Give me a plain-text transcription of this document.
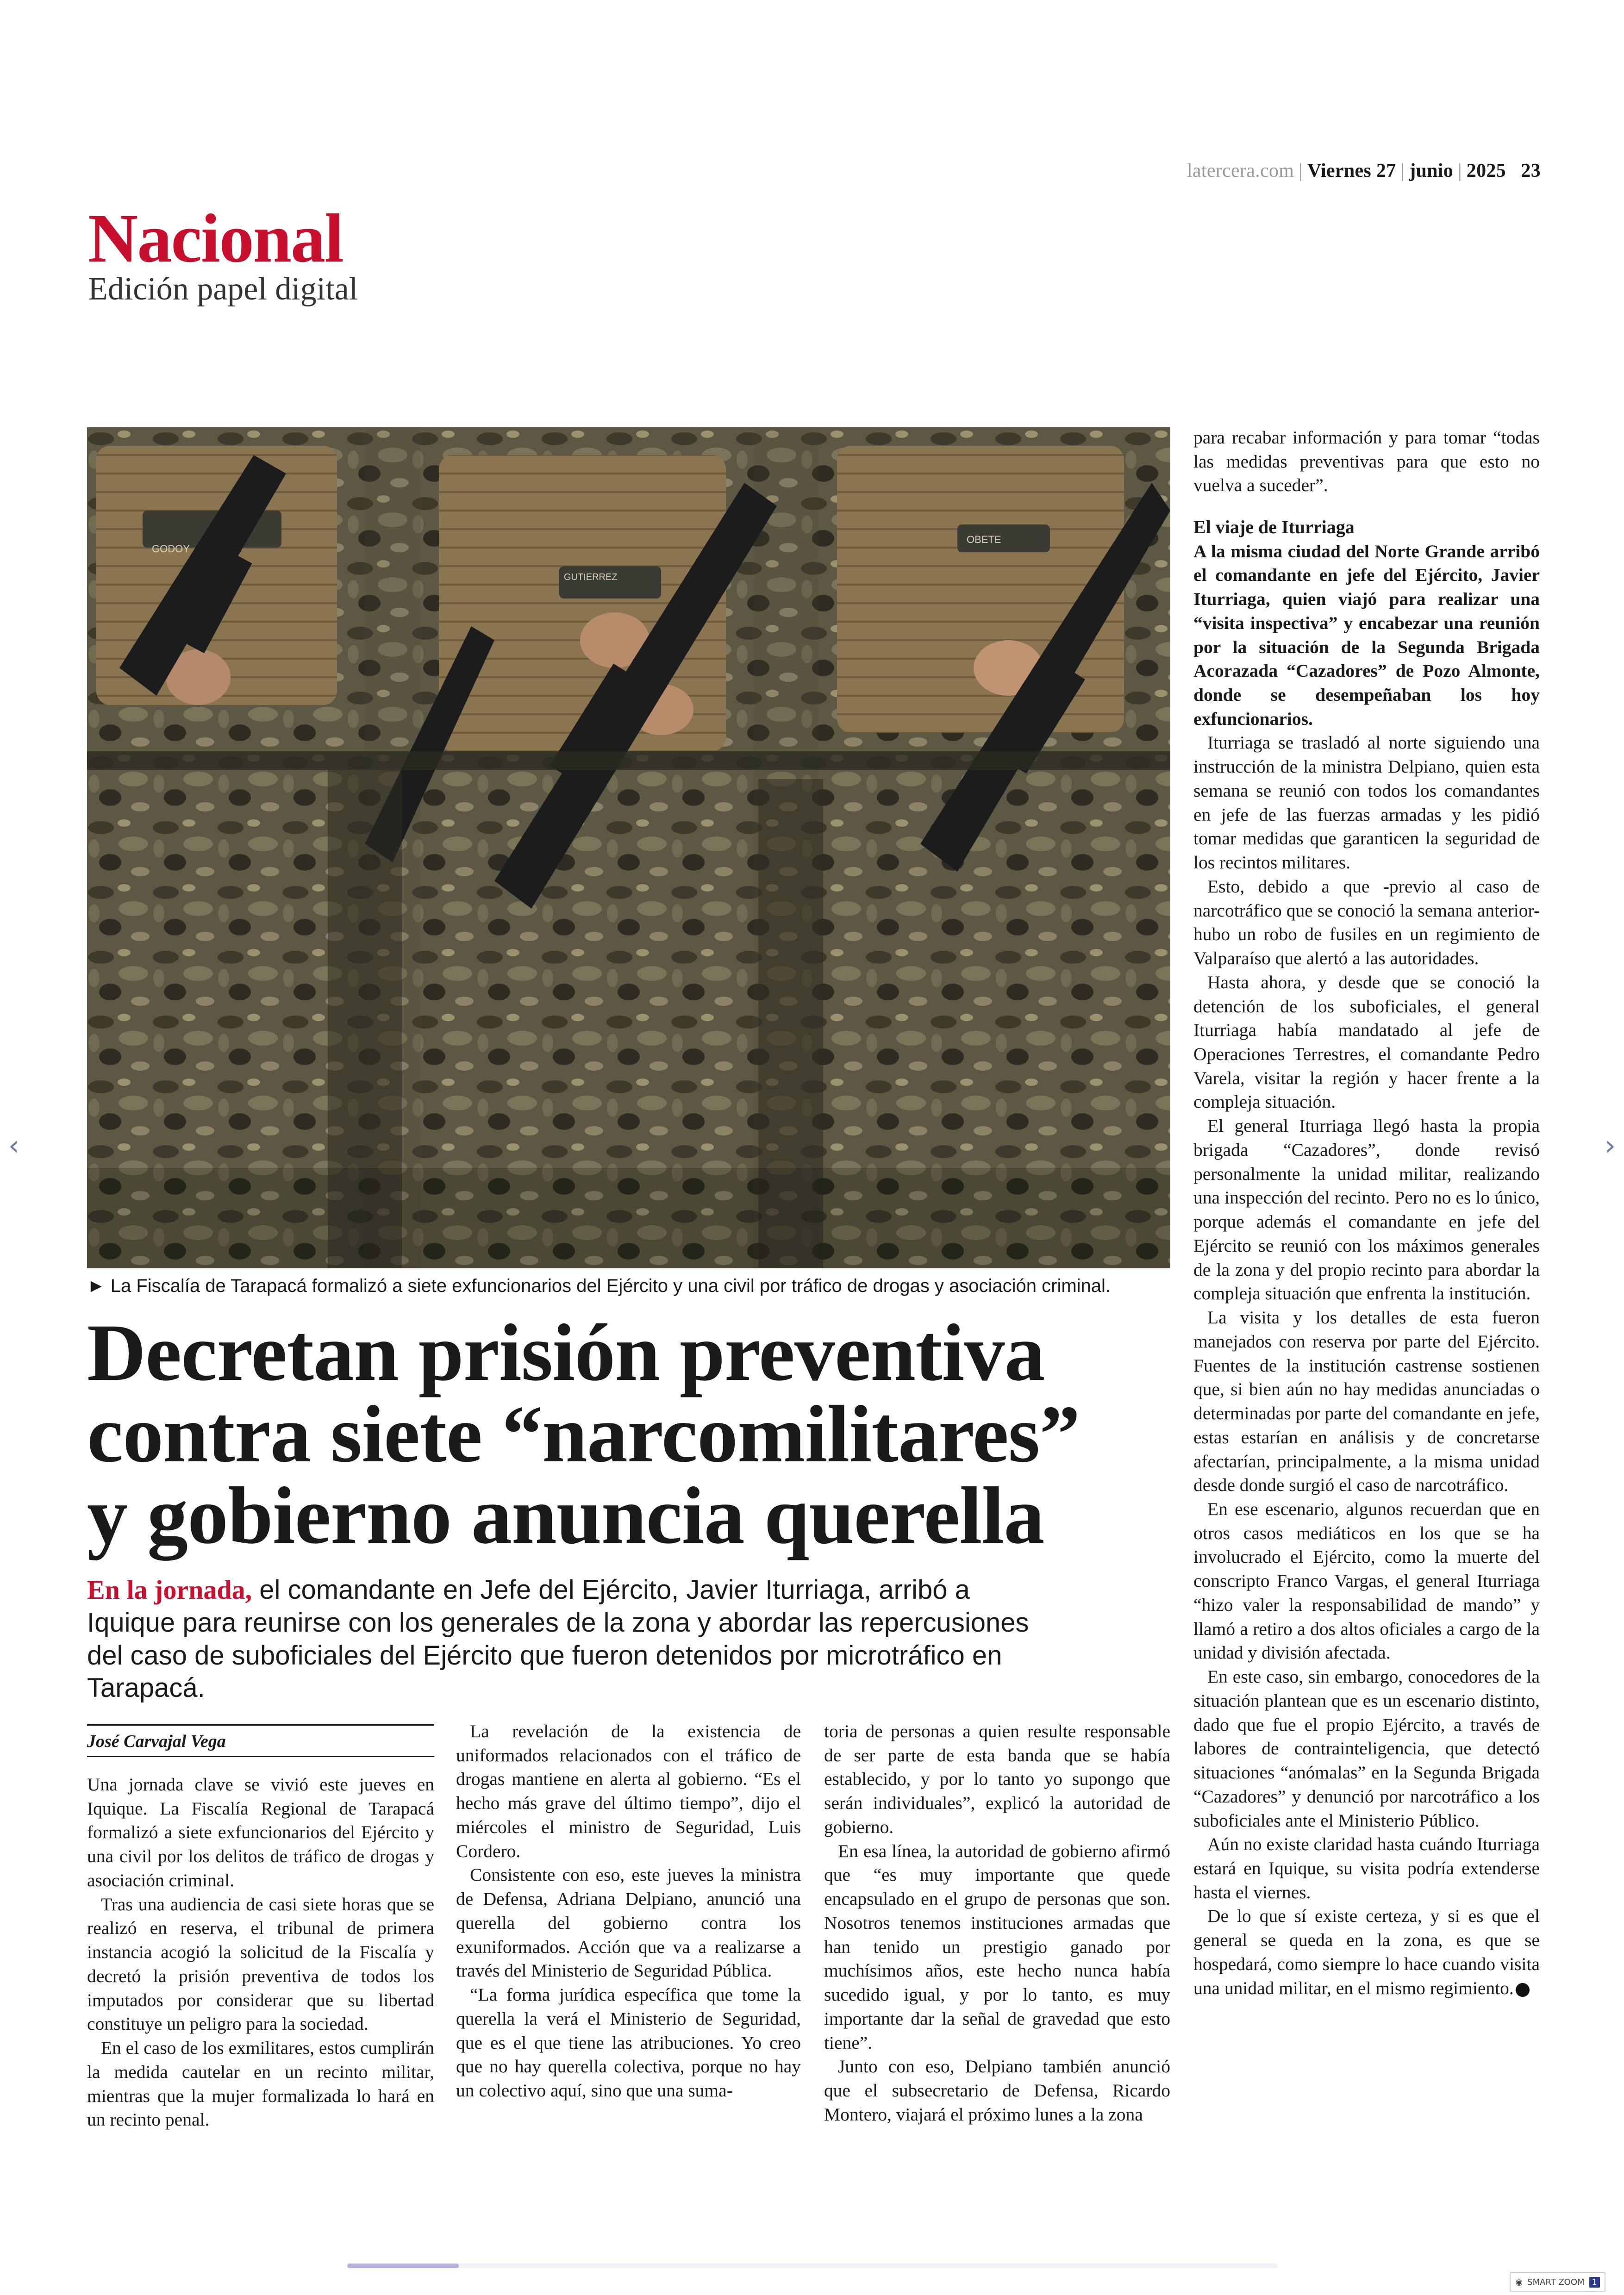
latercera.com | Viernes 27 | junio | 2025 23
Nacional
Edición papel digital
GODOY
GUTIERREZ
OBETE
► La Fiscalía de Tarapacá formalizó a siete exfuncionarios del Ejército y una civil por tráfico de drogas y asociación criminal.
Decretan prisión preventiva
contra siete “narcomilitares”
y gobierno anuncia querella
En la jornada, el comandante en Jefe del Ejército, Javier Iturriaga, arribó a Iquique para reunirse con los generales de la zona y abordar las repercusiones del caso de suboficiales del Ejército que fueron detenidos por microtráfico en Tarapacá.
José Carvajal Vega

Una jornada clave se vivió este jueves en Iquique. La Fiscalía Regional de Tarapacá formalizó a siete exfuncionarios del Ejército y una civil por los delitos de tráfico de drogas y asociación criminal.

Tras una audiencia de casi siete horas que se realizó en reserva, el tribunal de primera instancia acogió la solicitud de la Fiscalía y decretó la prisión preventiva de todos los imputados por considerar que su libertad constituye un peligro para la sociedad.

En el caso de los exmilitares, estos cumplirán la medida cautelar en un recinto militar, mientras que la mujer formalizada lo hará en un recinto penal.

La revelación de la existencia de uniformados relacionados con el tráfico de drogas mantiene en alerta al gobierno. “Es el hecho más grave del último tiempo”, dijo el miércoles el ministro de Seguridad, Luis Cordero.

Consistente con eso, este jueves la ministra de Defensa, Adriana Delpiano, anunció una querella del gobierno contra los exuniformados. Acción que va a realizarse a través del Ministerio de Seguridad Pública.

“La forma jurídica específica que tome la querella la verá el Ministerio de Seguridad, que es el que tiene las atribuciones. Yo creo que no hay querella colectiva, porque no hay un colectivo aquí, sino que una suma-

toria de personas a quien resulte responsable de ser parte de esta banda que se había establecido, y por lo tanto yo supongo que serán individuales”, explicó la autoridad de gobierno.

En esa línea, la autoridad de gobierno afirmó que “es muy importante que quede encapsulado en el grupo de personas que son. Nosotros tenemos instituciones armadas que han tenido un prestigio ganado por muchísimos años, este hecho nunca había sucedido igual, y por lo tanto, es muy importante dar la señal de gravedad que esto tiene”.

Junto con eso, Delpiano también anunció que el subsecretario de Defensa, Ricardo Montero, viajará el próximo lunes a la zona

para recabar información y para tomar “todas las medidas preventivas para que esto no vuelva a suceder”.

El viaje de Iturriaga

A la misma ciudad del Norte Grande arribó el comandante en jefe del Ejército, Javier Iturriaga, quien viajó para realizar una “visita inspectiva” y encabezar una reunión por la situación de la Segunda Brigada Acorazada “Cazadores” de Pozo Almonte, donde se desempeñaban los hoy exfuncionarios.

Iturriaga se trasladó al norte siguiendo una instrucción de la ministra Delpiano, quien esta semana se reunió con todos los comandantes en jefe de las fuerzas armadas y les pidió tomar medidas que garanticen la seguridad de los recintos militares.

Esto, debido a que -previo al caso de narcotráfico que se conoció la semana anterior- hubo un robo de fusiles en un regimiento de Valparaíso que alertó a las autoridades.

Hasta ahora, y desde que se conoció la detención de los suboficiales, el general Iturriaga había mandatado al jefe de Operaciones Terrestres, el comandante Pedro Varela, visitar la región y hacer frente a la compleja situación.

El general Iturriaga llegó hasta la propia brigada “Cazadores”, donde revisó personalmente la unidad militar, realizando una inspección del recinto. Pero no es lo único, porque además el comandante en jefe del Ejército se reunió con los máximos generales de la zona y del propio recinto para abordar la compleja situación que enfrenta la institución.

La visita y los detalles de esta fueron manejados con reserva por parte del Ejército. Fuentes de la institución castrense sostienen que, si bien aún no hay medidas anunciadas o determinadas por parte del comandante en jefe, estas estarían en análisis y de concretarse afectarían, principalmente, a la misma unidad desde donde surgió el caso de narcotráfico.

En ese escenario, algunos recuerdan que en otros casos mediáticos en los que se ha involucrado el Ejército, como la muerte del conscripto Franco Vargas, el general Iturriaga “hizo valer la responsabilidad de mando” y llamó a retiro a dos altos oficiales a cargo de la unidad y división afectada.

En este caso, sin embargo, conocedores de la situación plantean que es un escenario distinto, dado que fue el propio Ejército, a través de labores de contrainteligencia, que detectó situaciones “anómalas” en la Segunda Brigada “Cazadores” y denunció por narcotráfico a los suboficiales ante el Ministerio Público.

Aún no existe claridad hasta cuándo Iturriaga estará en Iquique, su visita podría extenderse hasta el viernes.

De lo que sí existe certeza, y si es que el general se queda en la zona, es que se hospedará, como siempre lo hace cuando visita una unidad militar, en el mismo regimiento.

‹	›
◉ SMART ZOOM 1
